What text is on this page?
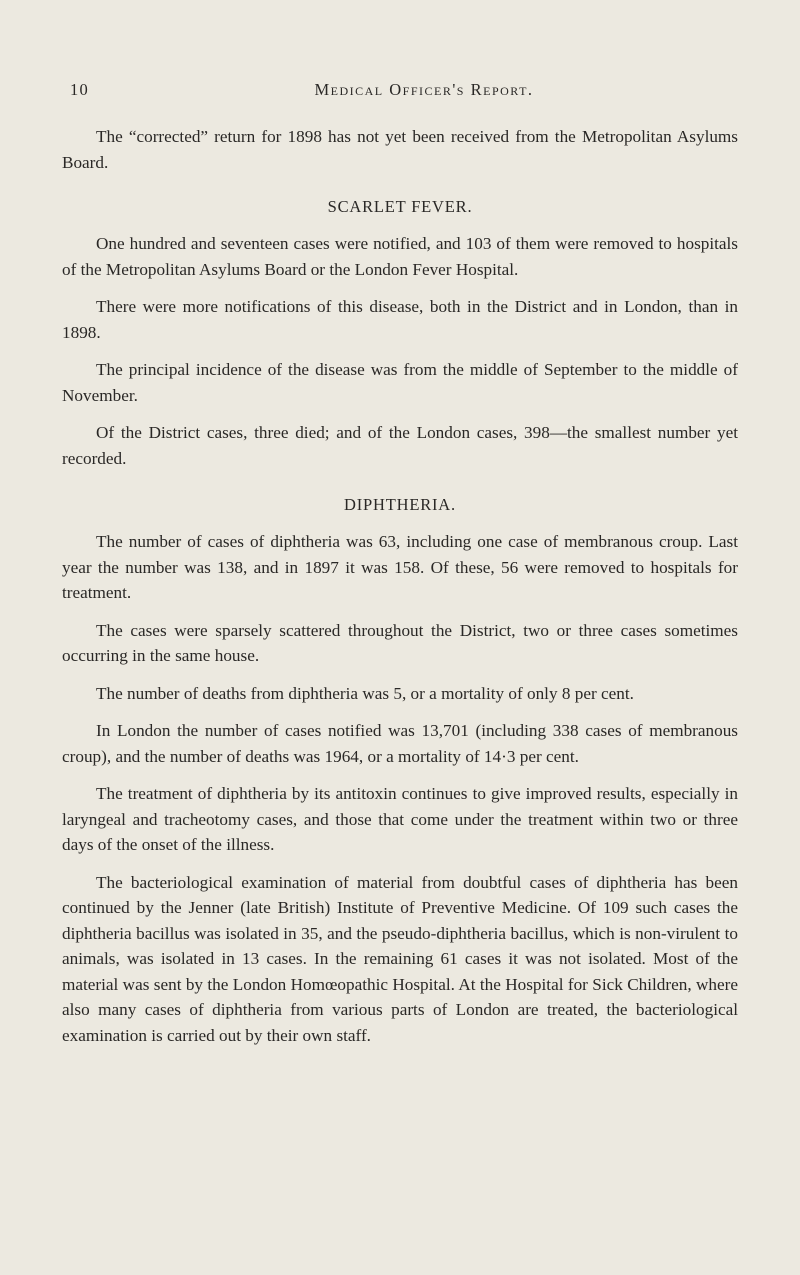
10	Medical Officer's Report.

The “corrected” return for 1898 has not yet been received from the Metropolitan Asylums Board.

SCARLET FEVER.

One hundred and seventeen cases were notified, and 103 of them were removed to hospitals of the Metropolitan Asylums Board or the London Fever Hospital.

There were more notifications of this disease, both in the District and in London, than in 1898.

The principal incidence of the disease was from the middle of September to the middle of November.

Of the District cases, three died; and of the London cases, 398—the smallest number yet recorded.

DIPHTHERIA.

The number of cases of diphtheria was 63, including one case of membranous croup. Last year the number was 138, and in 1897 it was 158. Of these, 56 were removed to hospitals for treatment.

The cases were sparsely scattered throughout the District, two or three cases sometimes occurring in the same house.

The number of deaths from diphtheria was 5, or a mortality of only 8 per cent.

In London the number of cases notified was 13,701 (including 338 cases of membranous croup), and the number of deaths was 1964, or a mortality of 14·3 per cent.

The treatment of diphtheria by its antitoxin continues to give improved results, especially in laryngeal and tracheotomy cases, and those that come under the treatment within two or three days of the onset of the illness.

The bacteriological examination of material from doubtful cases of diphtheria has been continued by the Jenner (late British) Institute of Preventive Medicine. Of 109 such cases the diphtheria bacillus was isolated in 35, and the pseudo-diphtheria bacillus, which is non-virulent to animals, was isolated in 13 cases. In the remaining 61 cases it was not isolated. Most of the material was sent by the London Homœopathic Hospital. At the Hospital for Sick Children, where also many cases of diphtheria from various parts of London are treated, the bacteriological examination is carried out by their own staff.
